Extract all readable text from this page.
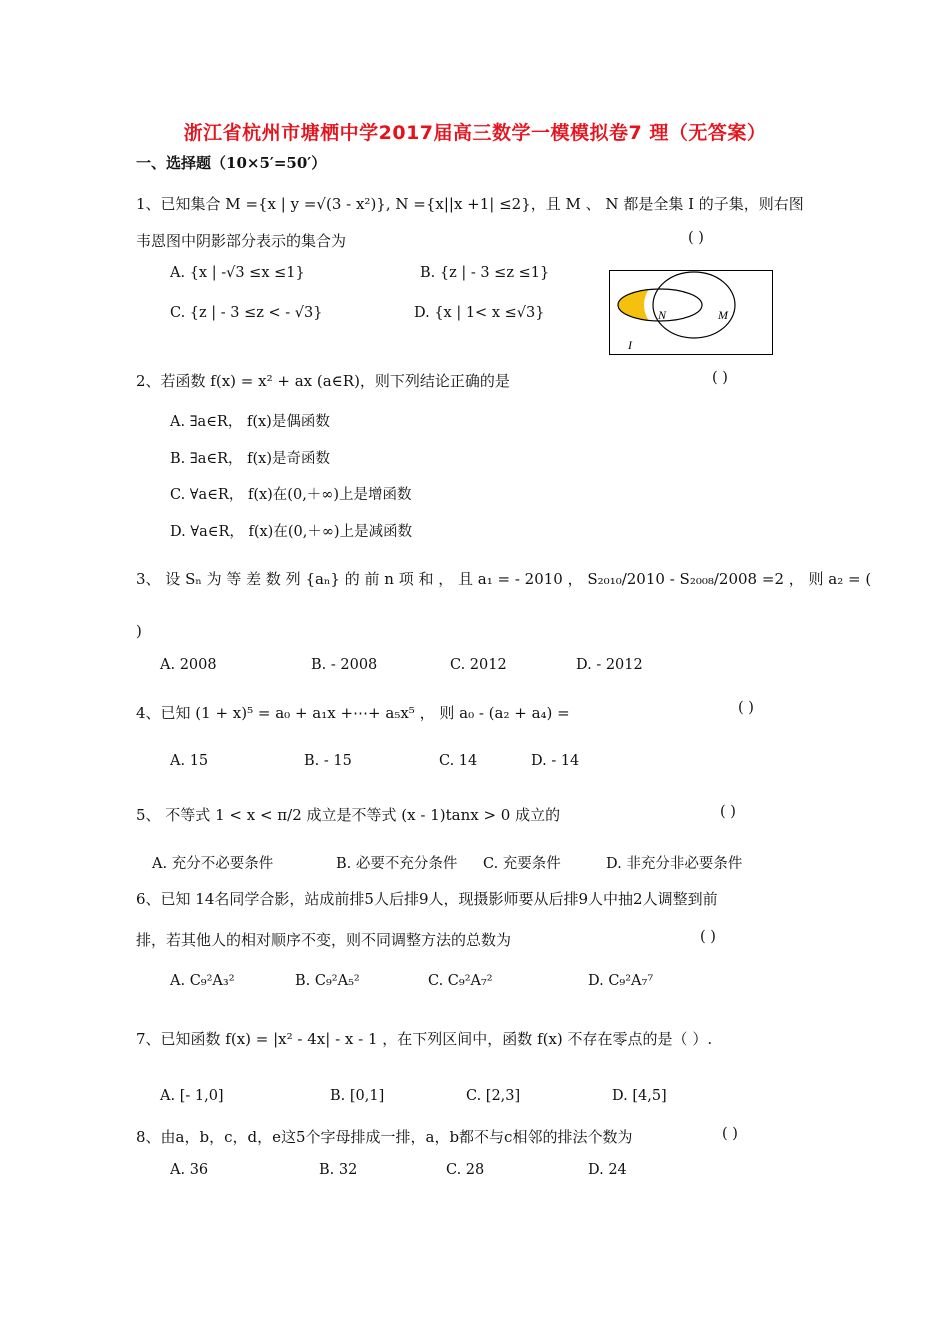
浙江省杭州市塘栖中学2017届高三数学一模模拟卷7 理（无答案）
一、选择题（10×5′=50′）
1、已知集合 M ={x | y =√(3 - x²)}, N ={x||x +1| ≤2}，且 M 、 N 都是全集 I 的子集，则右图
韦恩图中阴影部分表示的集合为	( )
A. {x | -√3 ≤x ≤1}	B. {z | - 3 ≤z ≤1}
C. {z | - 3 ≤z < - √3}	D. {x | 1< x ≤√3}	N	M
I
2、若函数 f(x) = x² + ax (a∈R)，则下列结论正确的是	( )
A. ∃a∈R， f(x)是偶函数
B. ∃a∈R， f(x)是奇函数
C. ∀a∈R， f(x)在(0,＋∞)上是增函数
D. ∀a∈R， f(x)在(0,＋∞)上是减函数
3、 设 Sₙ 为 等 差 数 列 {aₙ} 的 前 n 项 和 ， 且 a₁ = - 2010 ， S₂₀₁₀/2010 - S₂₀₀₈/2008 =2 ， 则 a₂ = (
)
A. 2008	B. - 2008	C. 2012	D. - 2012
4、已知 (1 + x)⁵ = a₀ + a₁x +⋯+ a₅x⁵ ， 则 a₀ - (a₂ + a₄) =	( )
A. 15	B. - 15	C. 14	D. - 14
5、 不等式 1 < x < π/2 成立是不等式 (x - 1)tanx > 0 成立的	( )
A. 充分不必要条件	B. 必要不充分条件 C. 充要条件	D. 非充分非必要条件
6、已知 14名同学合影，站成前排5人后排9人，现摄影师要从后排9人中抽2人调整到前
排，若其他人的相对顺序不变，则不同调整方法的总数为	( )
A. C₉²A₃²	B. C₉²A₅²	C. C₉²A₇²	D. C₉²A₇⁷
7、已知函数 f(x) = |x² - 4x| - x - 1 ，在下列区间中，函数 f(x) 不存在零点的是（ ）.
A. [- 1,0]	B. [0,1]	C. [2,3]	D. [4,5]
8、由a，b，c，d，e这5个字母排成一排，a，b都不与c相邻的排法个数为	( )
A. 36	B. 32	C. 28	D. 24
